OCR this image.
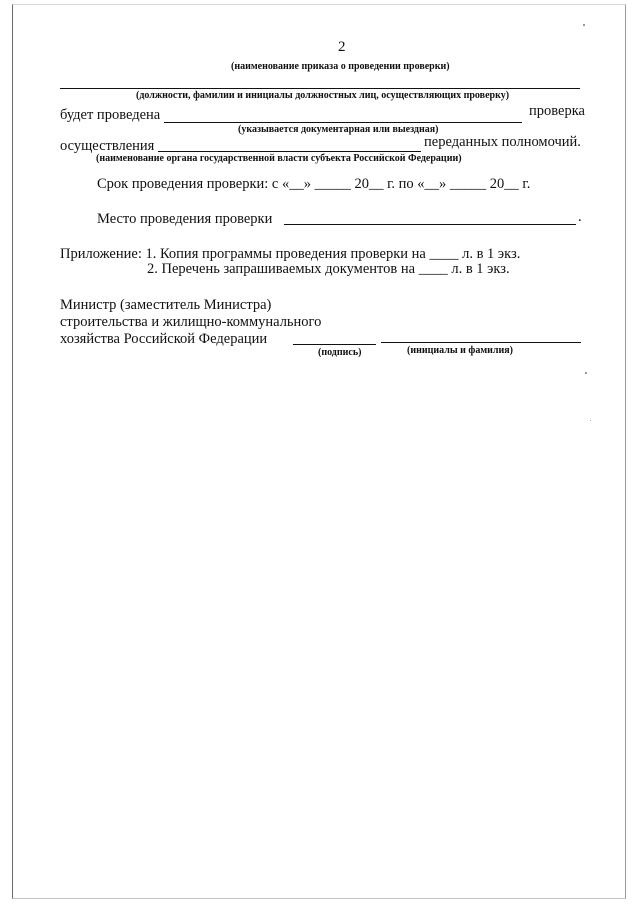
2
(наименование приказа о проведении проверки)
(должности, фамилии и инициалы должностных лиц, осуществляющих проверку)
будет проведена	проверка
(указывается документарная или выездная)
осуществления	переданных полномочий.
(наименование органа государственной власти субъекта Российской Федерации)
Срок проведения проверки: с «__» _____ 20__ г. по «__» _____ 20__ г.
Место проведения проверки	.
Приложение: 1. Копия программы проведения проверки на ____ л. в 1 экз.
2. Перечень запрашиваемых документов на ____ л. в 1 экз.
Министр (заместитель Министра)
строительства и жилищно-коммунального
хозяйства Российской Федерации
(подпись)	(инициалы и фамилия)
